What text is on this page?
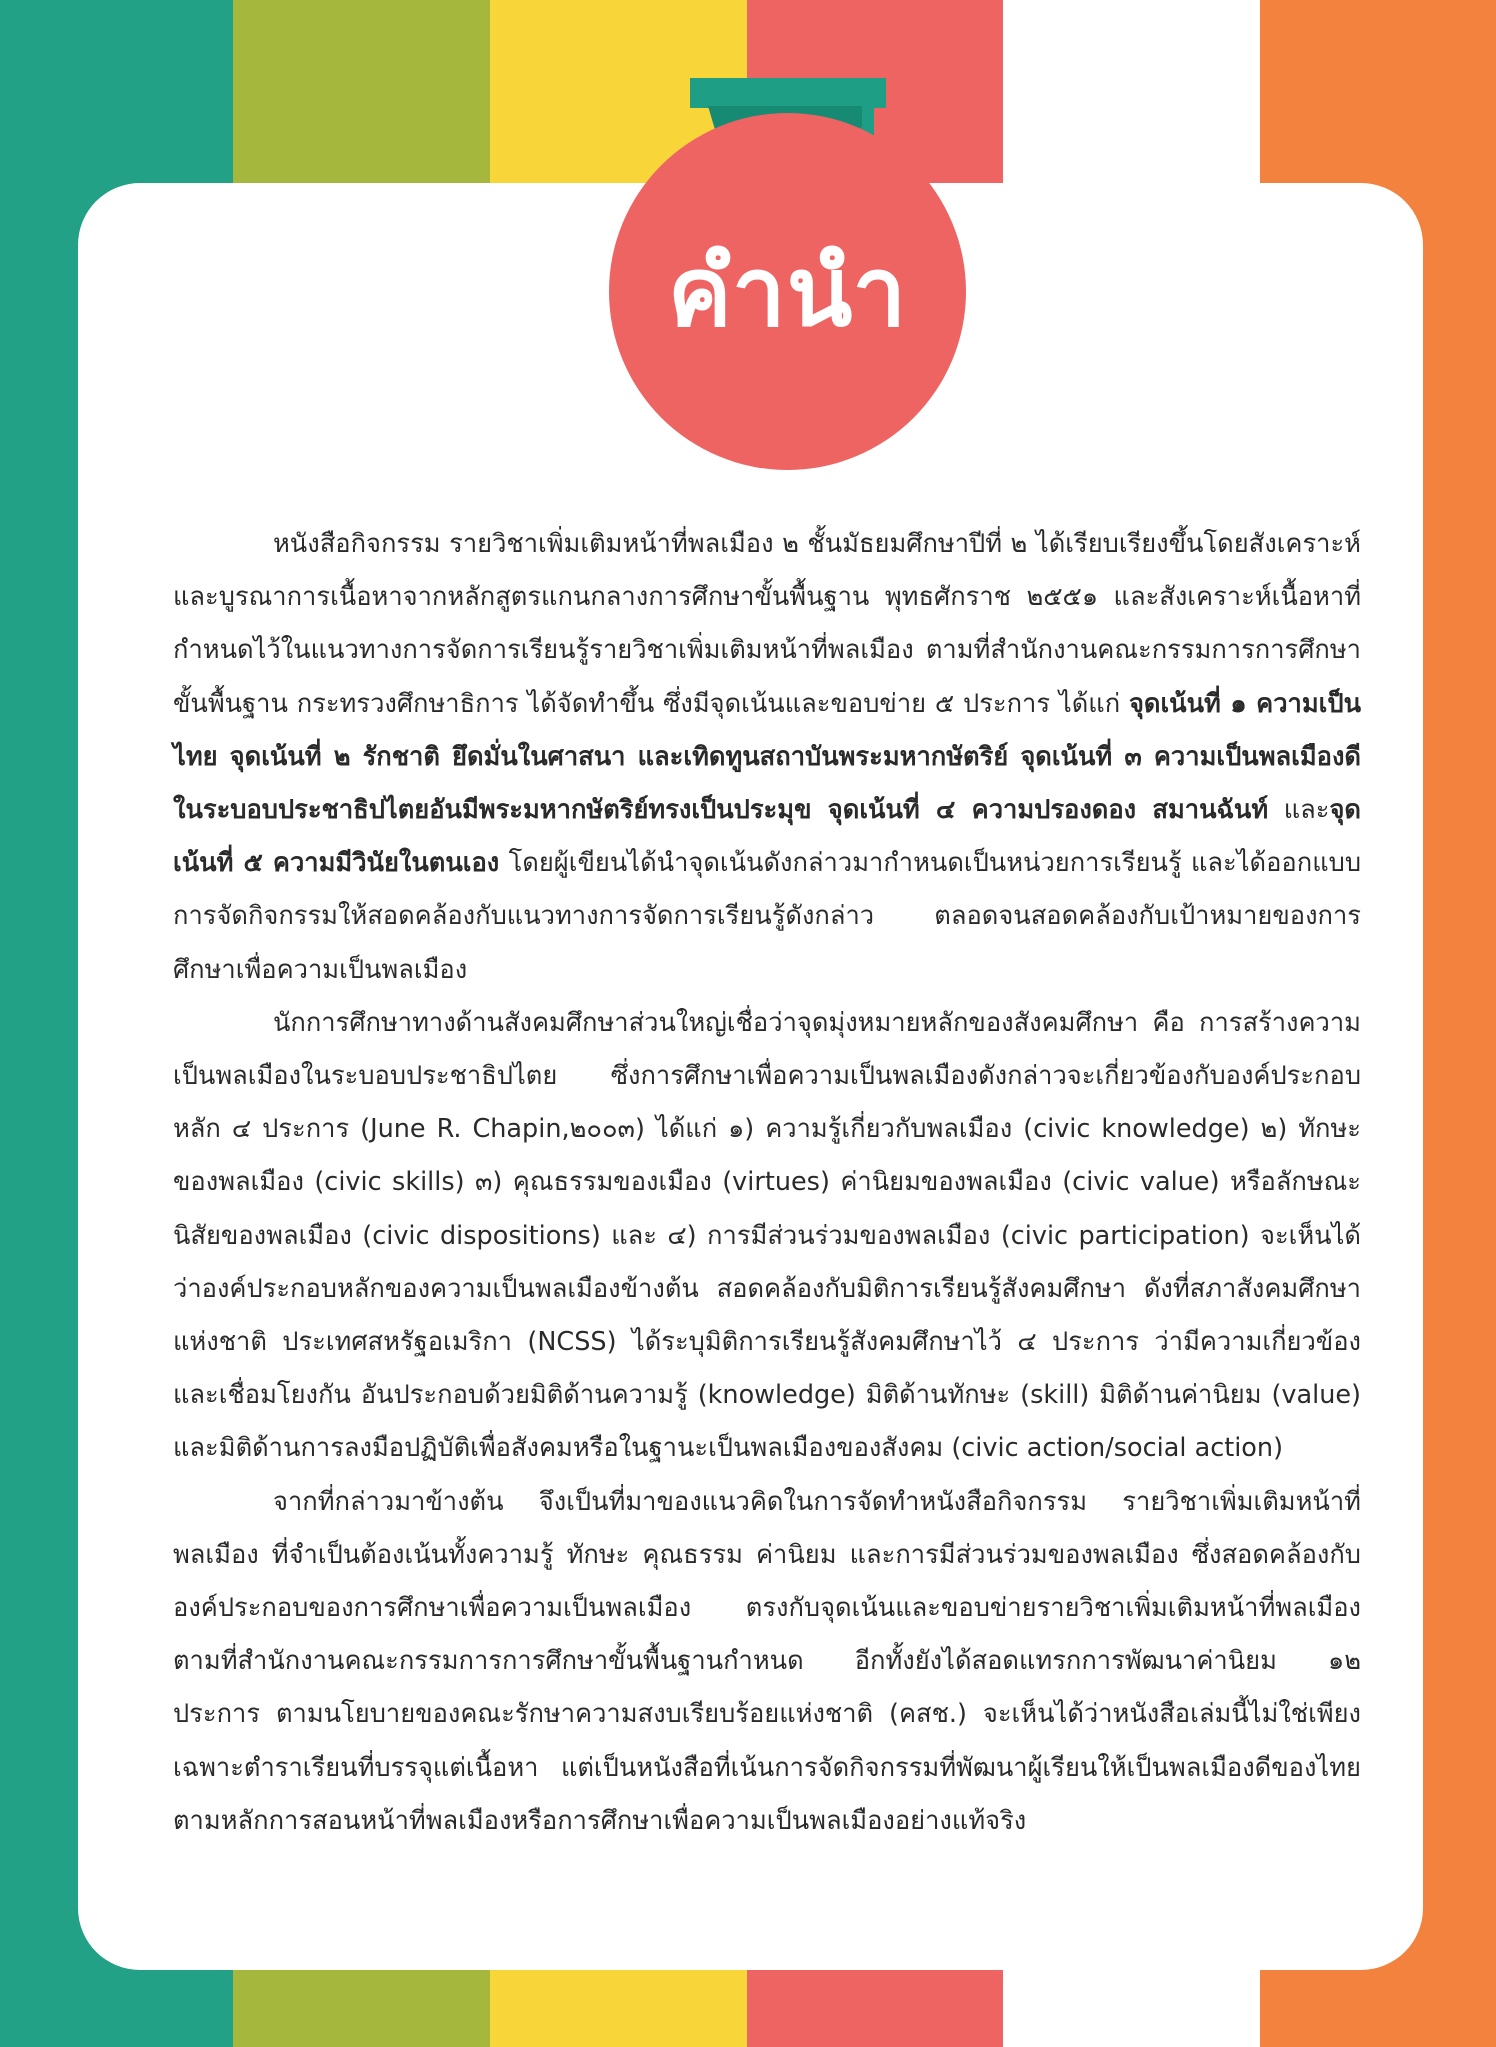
คำนำ

หนังสือกิจกรรม รายวิชาเพิ่มเติมหน้าที่พลเมือง ๒ ชั้นมัธยมศึกษาปีที่ ๒ ได้เรียบเรียงขึ้นโดยสังเคราะห์และบูรณาการเนื้อหาจากหลักสูตรแกนกลางการศึกษาขั้นพื้นฐาน พุทธศักราช ๒๕๕๑ และสังเคราะห์เนื้อหาที่กำหนดไว้ในแนวทางการจัดการเรียนรู้รายวิชาเพิ่มเติมหน้าที่พลเมือง ตามที่สำนักงานคณะกรรมการการศึกษาขั้นพื้นฐาน กระทรวงศึกษาธิการ ได้จัดทำขึ้น ซึ่งมีจุดเน้นและขอบข่าย ๕ ประการ ได้แก่ จุดเน้นที่ ๑ ความเป็นไทย จุดเน้นที่ ๒ รักชาติ ยึดมั่นในศาสนา และเทิดทูนสถาบันพระมหากษัตริย์ จุดเน้นที่ ๓ ความเป็นพลเมืองดีในระบอบประชาธิปไตยอันมีพระมหากษัตริย์ทรงเป็นประมุข จุดเน้นที่ ๔ ความปรองดอง สมานฉันท์ และจุดเน้นที่ ๕ ความมีวินัยในตนเอง โดยผู้เขียนได้นำจุดเน้นดังกล่าวมากำหนดเป็นหน่วยการเรียนรู้ และได้ออกแบบการจัดกิจกรรมให้สอดคล้องกับแนวทางการจัดการเรียนรู้ดังกล่าว ตลอดจนสอดคล้องกับเป้าหมายของการศึกษาเพื่อความเป็นพลเมือง

นักการศึกษาทางด้านสังคมศึกษาส่วนใหญ่เชื่อว่าจุดมุ่งหมายหลักของสังคมศึกษา คือ การสร้างความเป็นพลเมืองในระบอบประชาธิปไตย ซึ่งการศึกษาเพื่อความเป็นพลเมืองดังกล่าวจะเกี่ยวข้องกับองค์ประกอบหลัก ๔ ประการ (June R. Chapin,๒๐๐๓) ได้แก่ ๑) ความรู้เกี่ยวกับพลเมือง (civic knowledge) ๒) ทักษะของพลเมือง (civic skills) ๓) คุณธรรมของเมือง (virtues) ค่านิยมของพลเมือง (civic value) หรือลักษณะนิสัยของพลเมือง (civic dispositions) และ ๔) การมีส่วนร่วมของพลเมือง (civic participation) จะเห็นได้ว่าองค์ประกอบหลักของความเป็นพลเมืองข้างต้น สอดคล้องกับมิติการเรียนรู้สังคมศึกษา ดังที่สภาสังคมศึกษาแห่งชาติ ประเทศสหรัฐอเมริกา (NCSS) ได้ระบุมิติการเรียนรู้สังคมศึกษาไว้ ๔ ประการ ว่ามีความเกี่ยวข้องและเชื่อมโยงกัน อันประกอบด้วยมิติด้านความรู้ (knowledge) มิติด้านทักษะ (skill) มิติด้านค่านิยม (value) และมิติด้านการลงมือปฏิบัติเพื่อสังคมหรือในฐานะเป็นพลเมืองของสังคม (civic action/social action)

จากที่กล่าวมาข้างต้น จึงเป็นที่มาของแนวคิดในการจัดทำหนังสือกิจกรรม รายวิชาเพิ่มเติมหน้าที่พลเมือง ที่จำเป็นต้องเน้นทั้งความรู้ ทักษะ คุณธรรม ค่านิยม และการมีส่วนร่วมของพลเมือง ซึ่งสอดคล้องกับองค์ประกอบของการศึกษาเพื่อความเป็นพลเมือง ตรงกับจุดเน้นและขอบข่ายรายวิชาเพิ่มเติมหน้าที่พลเมืองตามที่สำนักงานคณะกรรมการการศึกษาขั้นพื้นฐานกำหนด อีกทั้งยังได้สอดแทรกการพัฒนาค่านิยม ๑๒ ประการ ตามนโยบายของคณะรักษาความสงบเรียบร้อยแห่งชาติ (คสช.) จะเห็นได้ว่าหนังสือเล่มนี้ไม่ใช่เพียงเฉพาะตำราเรียนที่บรรจุแต่เนื้อหา แต่เป็นหนังสือที่เน้นการจัดกิจกรรมที่พัฒนาผู้เรียนให้เป็นพลเมืองดีของไทยตามหลักการสอนหน้าที่พลเมืองหรือการศึกษาเพื่อความเป็นพลเมืองอย่างแท้จริง
